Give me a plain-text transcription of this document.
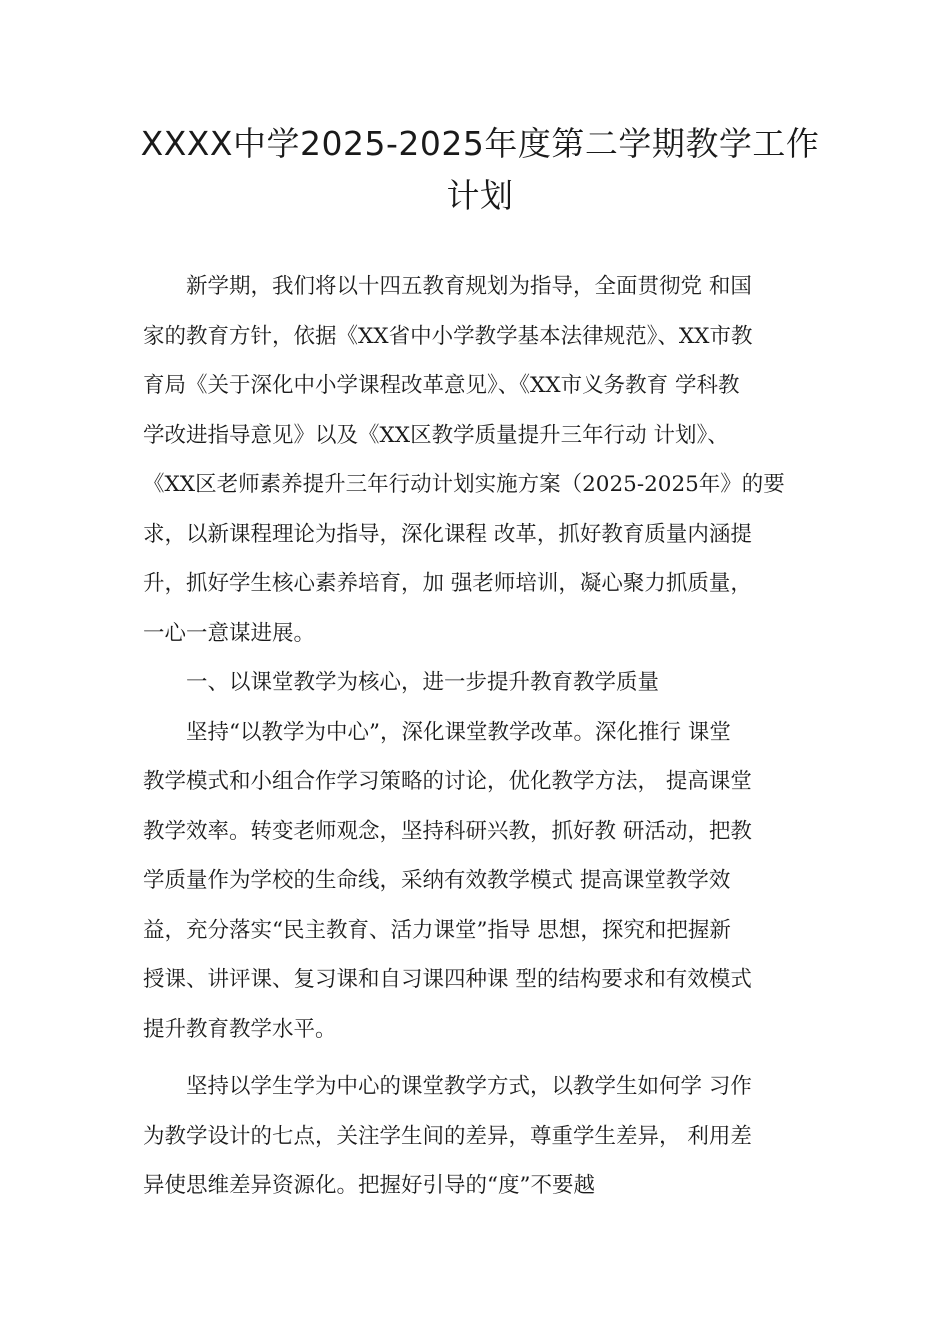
XXXX中学2025-2025年度第二学期教学工作
计划
新学期，我们将以十四五教育规划为指导，全面贯彻党 和国
家的教育方针，依据《XX省中小学教学基本法律规范》、XX市教
育局《关于深化中小学课程改革意见》、《XX市义务教育 学科教
学改进指导意见》以及《XX区教学质量提升三年行动 计划》、
《XX区老师素养提升三年行动计划实施方案（2025-2025年》的要
求，以新课程理论为指导，深化课程 改革，抓好教育质量内涵提
升，抓好学生核心素养培育，加 强老师培训，凝心聚力抓质量，
一心一意谋进展。
一、以课堂教学为核心，进一步提升教育教学质量
坚持“以教学为中心”，深化课堂教学改革。深化推行 课堂
教学模式和小组合作学习策略的讨论，优化教学方法， 提高课堂
教学效率。转变老师观念，坚持科研兴教，抓好教 研活动，把教
学质量作为学校的生命线，采纳有效教学模式 提高课堂教学效
益，充分落实“民主教育、活力课堂”指导 思想，探究和把握新
授课、讲评课、复习课和自习课四种课 型的结构要求和有效模式
提升教育教学水平。
坚持以学生学为中心的课堂教学方式，以教学生如何学 习作
为教学设计的七点，关注学生间的差异，尊重学生差异， 利用差
异使思维差异资源化。把握好引导的“度”不要越
